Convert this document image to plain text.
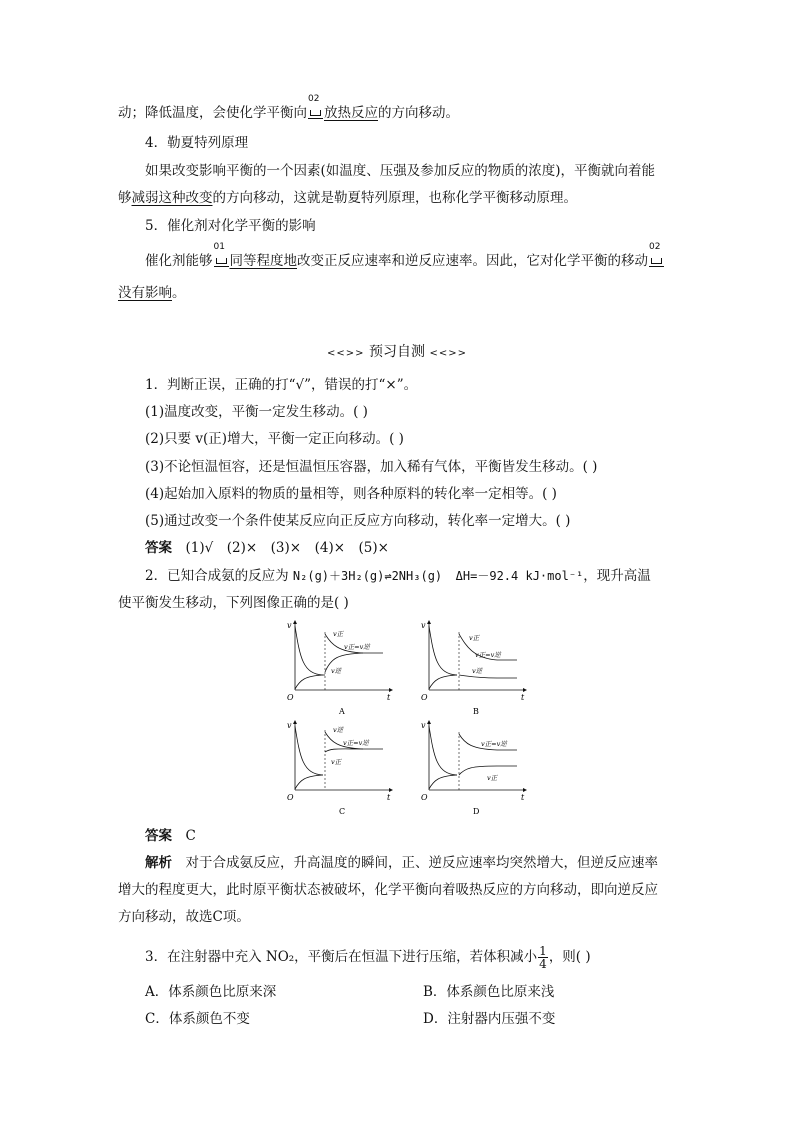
动；降低温度，会使化学平衡向
02
放热反应的方向移动。
4．勒夏特列原理
如果改变影响平衡的一个因素(如温度、压强及参加反应的物质的浓度)，平衡就向着能
够减弱这种改变的方向移动，这就是勒夏特列原理，也称化学平衡移动原理。
5．催化剂对化学平衡的影响
催化剂能够
01
同等程度地改变正反应速率和逆反应速率。因此，它对化学平衡的移动
02
没有影响。
<<>> 预习自测 <<>>
1．判断正误，正确的打“√”，错误的打“×”。
(1)温度改变，平衡一定发生移动。( )
(2)只要 v(正)增大，平衡一定正向移动。( )
(3)不论恒温恒容，还是恒温恒压容器，加入稀有气体，平衡皆发生移动。( )
(4)起始加入原料的物质的量相等，则各种原料的转化率一定相等。( )
(5)通过改变一个条件使某反应向正反应方向移动，转化率一定增大。( )
答案　 (1)√　(2)×　(3)×　(4)×　(5)×
2．已知合成氨的反应为 N₂(g)＋3H₂(g)⇌2NH₃(g)　 ΔH=－92.4 kJ·mol⁻¹，现升高温
使平衡发生移动，下列图像正确的是( )
v
t
O
v正
v正=v逆
v逆
A
v
t
O
v正
v正=v逆
v逆
B
v
t
O
v逆
v正=v逆
v正
C
v
t
O
v正=v逆
v正
D
答案　 C
解析　 对于合成氨反应，升高温度的瞬间，正、逆反应速率均突然增大，但逆反应速率
增大的程度更大，此时原平衡状态被破坏，化学平衡向着吸热反应的方向移动，即向逆反应
方向移动，故选C项。
3．在注射器中充入 NO₂，平衡后在恒温下进行压缩，若体积减小 $\frac{1}{4}$ ，则( )
A．体系颜色比原来深	B．体系颜色比原来浅
C．体系颜色不变	D．注射器内压强不变
